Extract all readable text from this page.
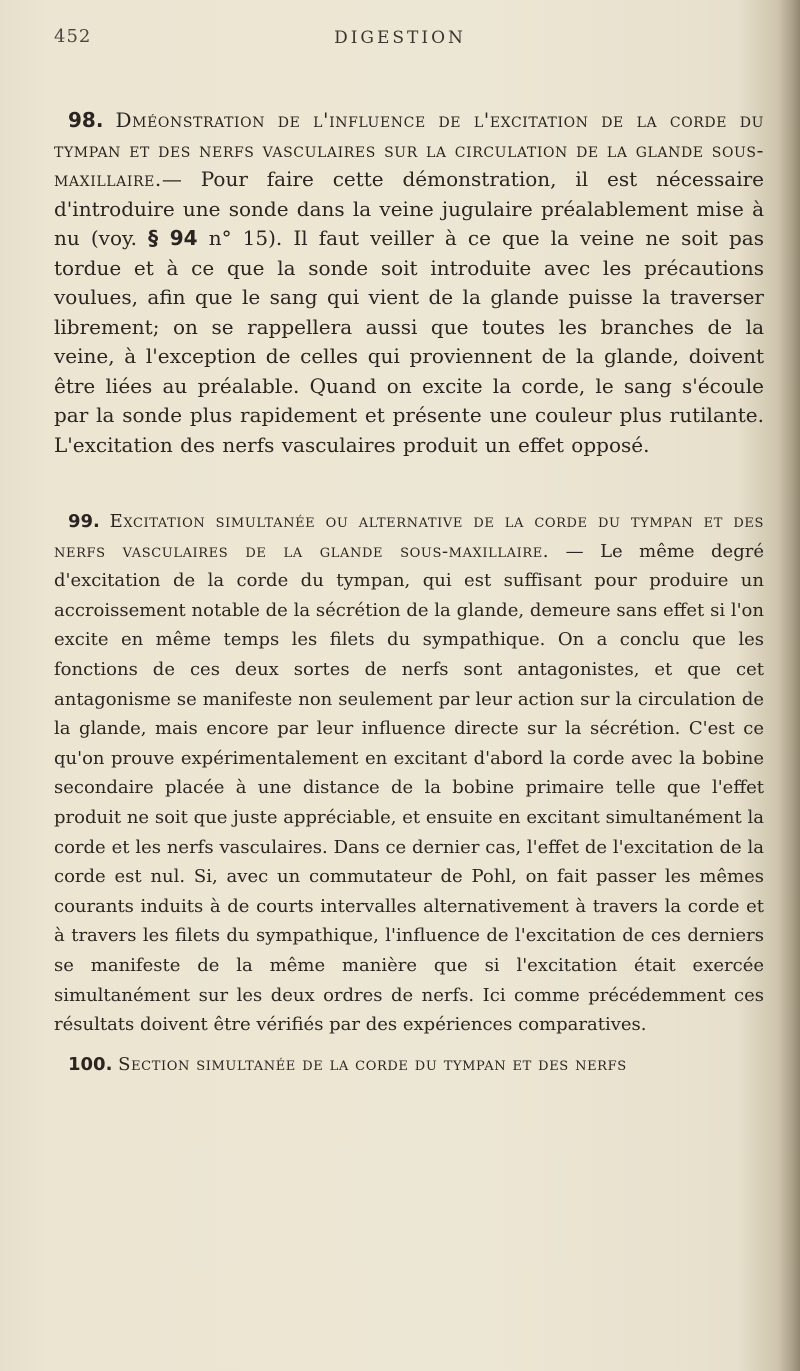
452	DIGESTION

98. Dméonstration de l'influence de l'excitation de la corde du tympan et des nerfs vasculaires sur la circulation de la glande sous-maxillaire.— Pour faire cette démonstration, il est nécessaire d'introduire une sonde dans la veine jugulaire préalablement mise à nu (voy. § 94 n° 15). Il faut veiller à ce que la veine ne soit pas tordue et à ce que la sonde soit introduite avec les précautions voulues, afin que le sang qui vient de la glande puisse la traverser librement; on se rappellera aussi que toutes les branches de la veine, à l'exception de celles qui proviennent de la glande, doivent être liées au préalable. Quand on excite la corde, le sang s'écoule par la sonde plus rapidement et présente une couleur plus rutilante. L'excitation des nerfs vasculaires produit un effet opposé.

99. Excitation simultanée ou alternative de la corde du tympan et des nerfs vasculaires de la glande sous-maxillaire. — Le même degré d'excitation de la corde du tympan, qui est suffisant pour produire un accroissement notable de la sécrétion de la glande, demeure sans effet si l'on excite en même temps les filets du sympathique. On a conclu que les fonctions de ces deux sortes de nerfs sont antagonistes, et que cet antagonisme se manifeste non seulement par leur action sur la circulation de la glande, mais encore par leur influence directe sur la sécrétion. C'est ce qu'on prouve expérimentalement en excitant d'abord la corde avec la bobine secondaire placée à une distance de la bobine primaire telle que l'effet produit ne soit que juste appréciable, et ensuite en excitant simultanément la corde et les nerfs vasculaires. Dans ce dernier cas, l'effet de l'excitation de la corde est nul. Si, avec un commutateur de Pohl, on fait passer les mêmes courants induits à de courts intervalles alternativement à travers la corde et à travers les filets du sympathique, l'influence de l'excitation de ces derniers se manifeste de la même manière que si l'excitation était exercée simultanément sur les deux ordres de nerfs. Ici comme précédemment ces résultats doivent être vérifiés par des expériences comparatives.

100. Section simultanée de la corde du tympan et des nerfs
